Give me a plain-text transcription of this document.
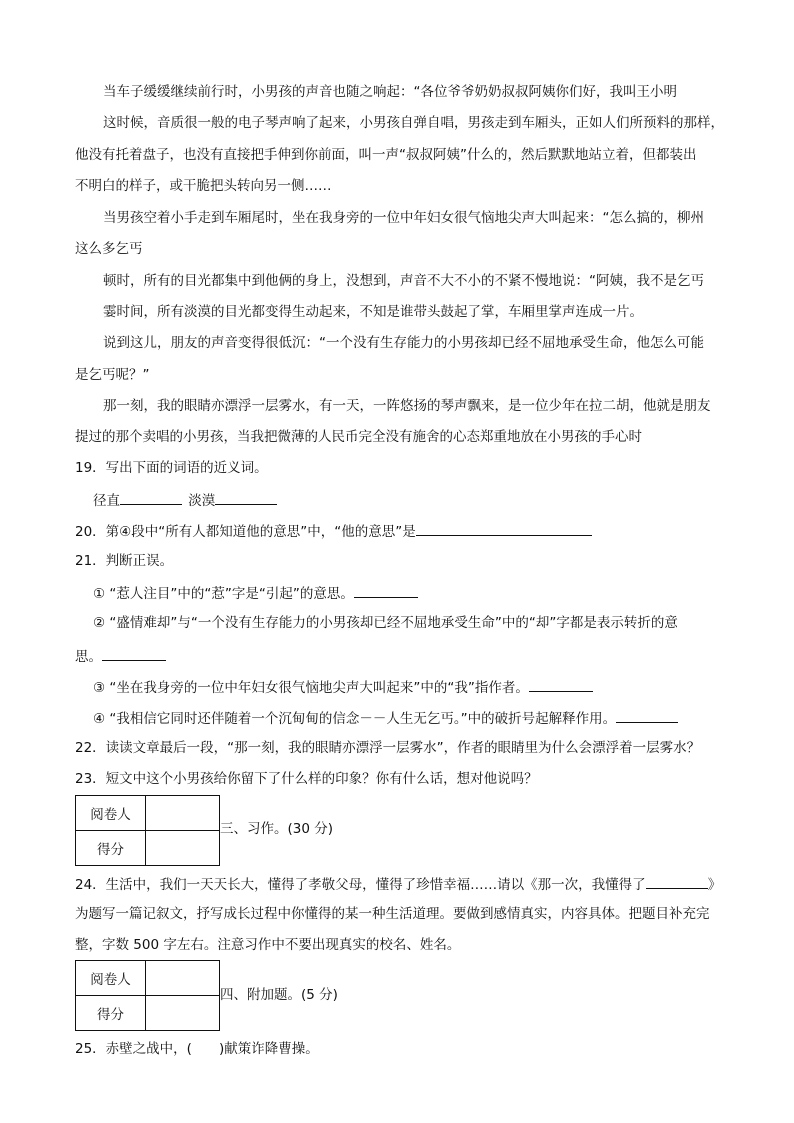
当车子缓缓继续前行时，小男孩的声音也随之响起：“各位爷爷奶奶叔叔阿姨你们好，我叫王小明
这时候，音质很一般的电子琴声响了起来，小男孩自弹自唱，男孩走到车厢头，正如人们所预料的那样，
他没有托着盘子，也没有直接把手伸到你前面，叫一声“叔叔阿姨”什么的，然后默默地站立着，但都装出
不明白的样子，或干脆把头转向另一侧……
当男孩空着小手走到车厢尾时，坐在我身旁的一位中年妇女很气恼地尖声大叫起来：“怎么搞的，柳州
这么多乞丐
顿时，所有的目光都集中到他俩的身上，没想到，声音不大不小的不紧不慢地说：“阿姨，我不是乞丐
霎时间，所有淡漠的目光都变得生动起来，不知是谁带头鼓起了掌，车厢里掌声连成一片。
说到这儿，朋友的声音变得很低沉：“一个没有生存能力的小男孩却已经不屈地承受生命，他怎么可能
是乞丐呢？”
那一刻，我的眼睛亦漂浮一层雾水，有一天，一阵悠扬的琴声飘来，是一位少年在拉二胡，他就是朋友
提过的那个卖唱的小男孩，当我把微薄的人民币完全没有施舍的心态郑重地放在小男孩的手心时
19．写出下面的词语的近义词。
径直	淡漠
20．第④段中“所有人都知道他的意思”中，“他的意思”是
21．判断正误。
① “惹人注目”中的“惹”字是“引起”的意思。
② “盛情难却”与“一个没有生存能力的小男孩却已经不屈地承受生命”中的“却”字都是表示转折的意
思。
③ “坐在我身旁的一位中年妇女很气恼地尖声大叫起来”中的“我”指作者。
④ “我相信它同时还伴随着一个沉甸甸的信念－－人生无乞丐。”中的破折号起解释作用。
22．读读文章最后一段，“那一刻，我的眼睛亦漂浮一层雾水”，作者的眼睛里为什么会漂浮着一层雾水？
23．短文中这个小男孩给你留下了什么样的印象？你有什么话，想对他说吗？
阅卷人	
得分	
三、习作。(30 分)
24．生活中，我们一天天长大，懂得了孝敬父母，懂得了珍惜幸福……请以《那一次，我懂得了	》
为题写一篇记叙文，抒写成长过程中你懂得的某一种生活道理。要做到感情真实，内容具体。把题目补充完
整，字数 500 字左右。注意习作中不要出现真实的校名、姓名。
阅卷人	
得分	
四、附加题。(5 分)
25．赤壁之战中，(　　)献策诈降曹操。
